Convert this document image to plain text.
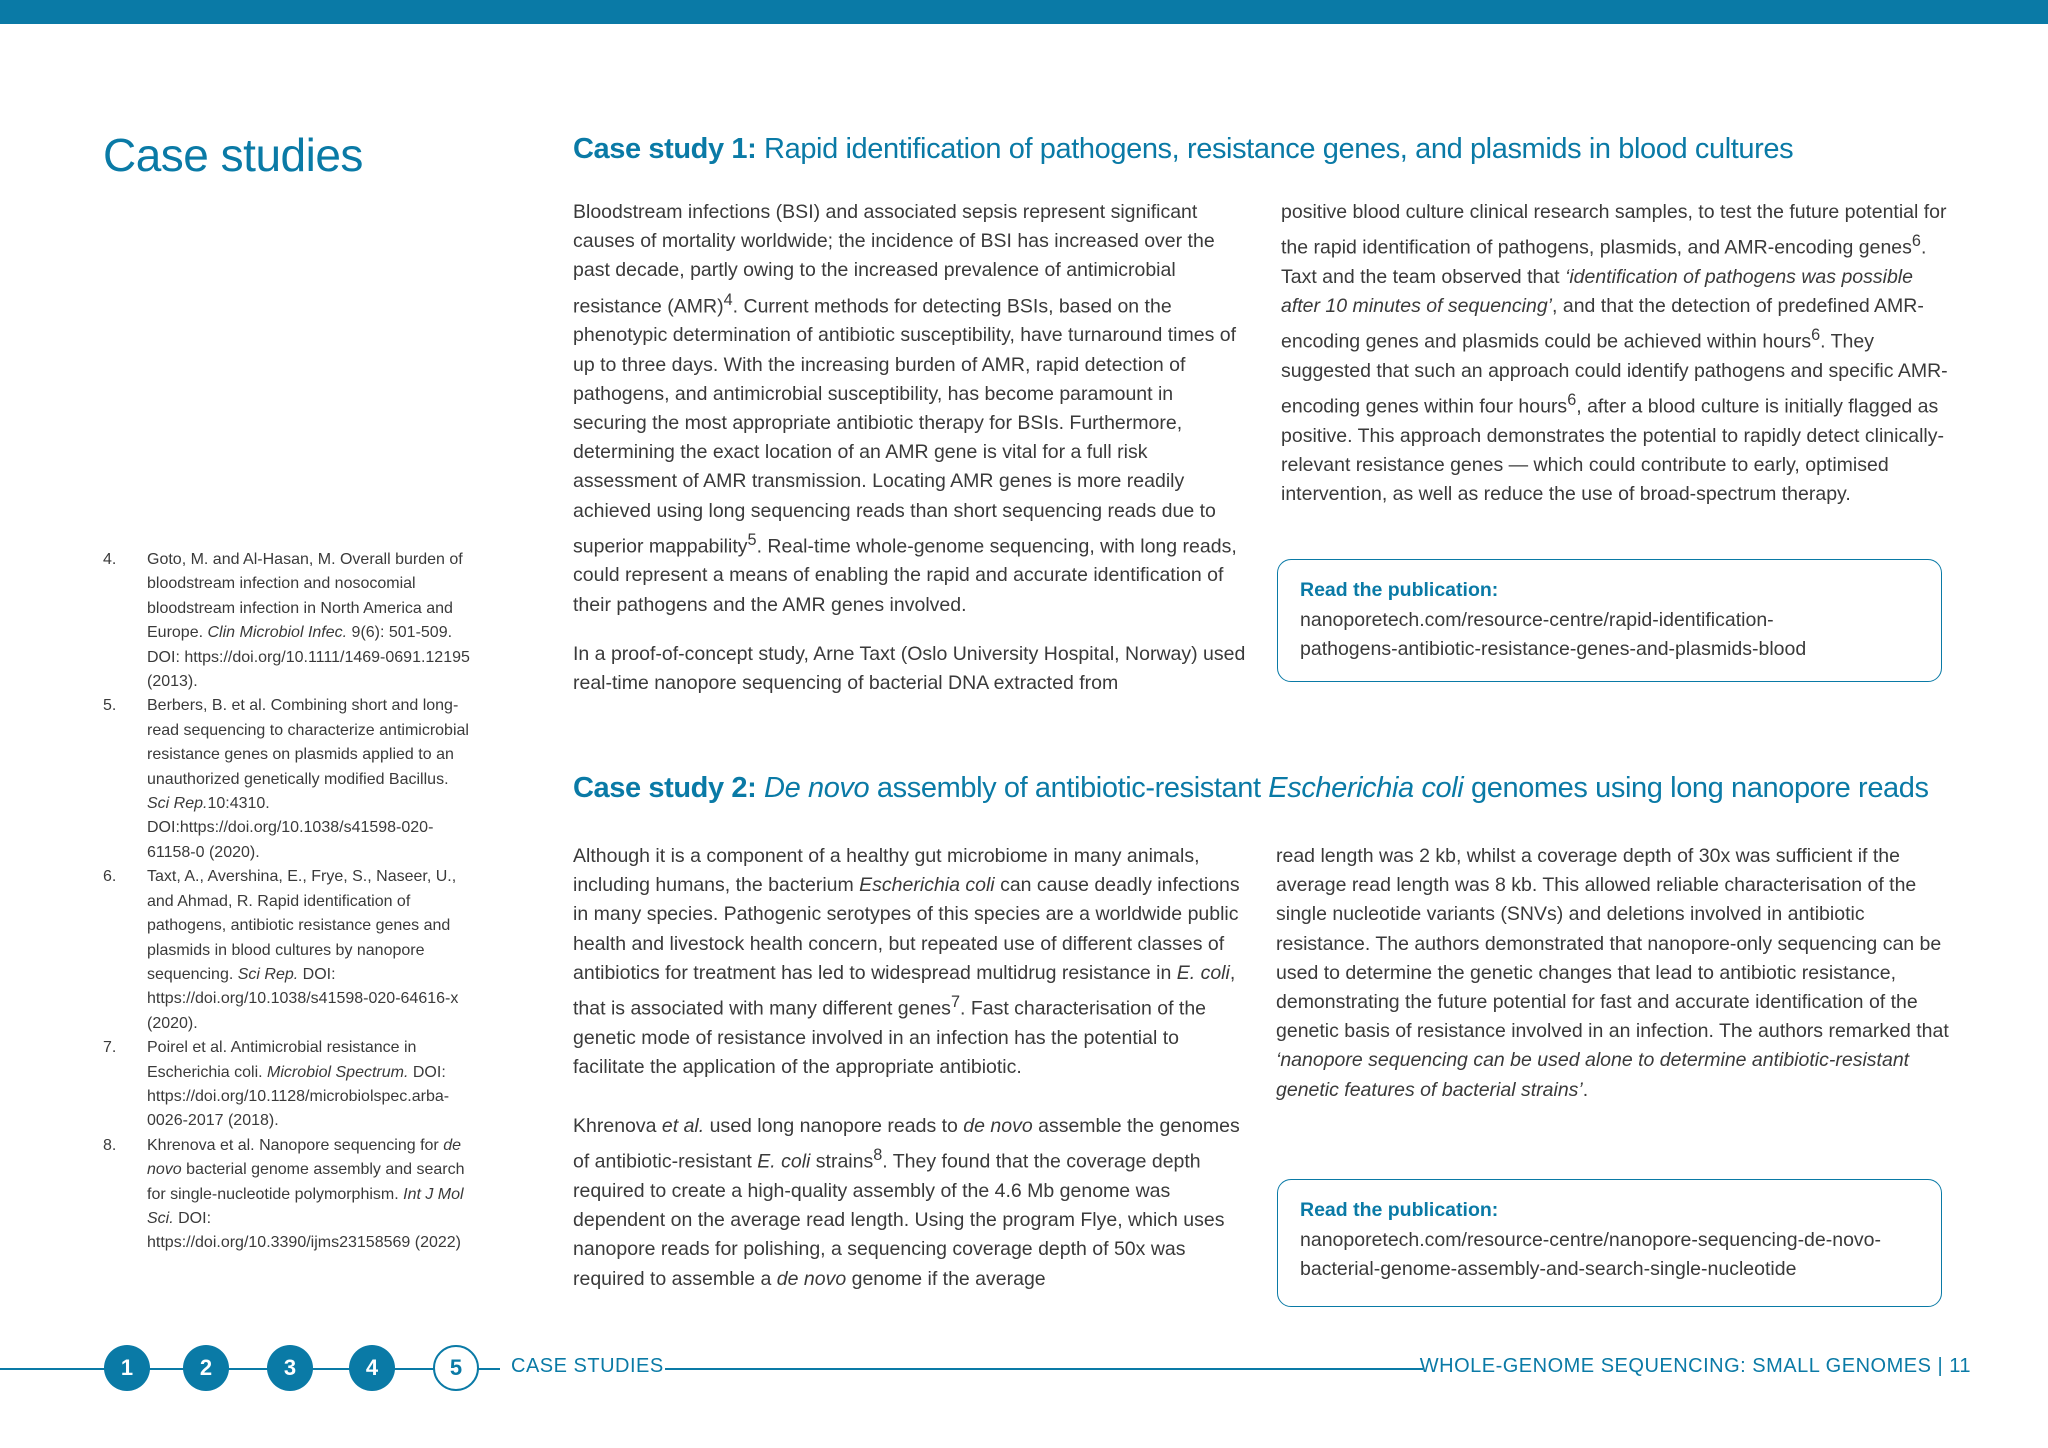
Case studies	Case study 1: Rapid identification of pathogens, resistance genes, and plasmids in blood cultures

Bloodstream infections (BSI) and associated sepsis represent significant causes of mortality worldwide; the incidence of BSI has increased over the past decade, partly owing to the increased prevalence of antimicrobial resistance (AMR)$^4$. Current methods for detecting BSIs, based on the phenotypic determination of antibiotic susceptibility, have turnaround times of up to three days. With the increasing burden of AMR, rapid detection of pathogens, and antimicrobial susceptibility, has become paramount in securing the most appropriate antibiotic therapy for BSIs. Furthermore, determining the exact location of an AMR gene is vital for a full risk assessment of AMR transmission. Locating AMR genes is more readily achieved using long sequencing reads than short sequencing reads due to superior mappability$^5$. Real-time whole-genome sequencing, with long reads, could represent a means of enabling the rapid and accurate identification of their pathogens and the AMR genes involved.

In a proof-of-concept study, Arne Taxt (Oslo University Hospital, Norway) used real-time nanopore sequencing of bacterial DNA extracted from

positive blood culture clinical research samples, to test the future potential for the rapid identification of pathogens, plasmids, and AMR-encoding genes$^6$. Taxt and the team observed that ‘identification of pathogens was possible after 10 minutes of sequencing’, and that the detection of predefined AMR-encoding genes and plasmids could be achieved within hours$^6$. They suggested that such an approach could identify pathogens and specific AMR-encoding genes within four hours$^6$, after a blood culture is initially flagged as positive. This approach demonstrates the potential to rapidly detect clinically-relevant resistance genes — which could contribute to early, optimised intervention, as well as reduce the use of broad-spectrum therapy.

Read the publication:
nanoporetech.com/resource-centre/rapid-identification-
pathogens-antibiotic-resistance-genes-and-plasmids-blood
Case study 2: De novo assembly of antibiotic-resistant Escherichia coli genomes using long nanopore reads

Although it is a component of a healthy gut microbiome in many animals, including humans, the bacterium Escherichia coli can cause deadly infections in many species. Pathogenic serotypes of this species are a worldwide public health and livestock health concern, but repeated use of different classes of antibiotics for treatment has led to widespread multidrug resistance in E. coli, that is associated with many different genes$^7$. Fast characterisation of the genetic mode of resistance involved in an infection has the potential to facilitate the application of the appropriate antibiotic.

Khrenova et al. used long nanopore reads to de novo assemble the genomes of antibiotic-resistant E. coli strains$^8$. They found that the coverage depth required to create a high-quality assembly of the 4.6 Mb genome was dependent on the average read length. Using the program Flye, which uses nanopore reads for polishing, a sequencing coverage depth of 50x was required to assemble a de novo genome if the average

read length was 2 kb, whilst a coverage depth of 30x was sufficient if the average read length was 8 kb. This allowed reliable characterisation of the single nucleotide variants (SNVs) and deletions involved in antibiotic resistance. The authors demonstrated that nanopore-only sequencing can be used to determine the genetic changes that lead to antibiotic resistance, demonstrating the future potential for fast and accurate identification of the genetic basis of resistance involved in an infection. The authors remarked that ‘nanopore sequencing can be used alone to determine antibiotic-resistant genetic features of bacterial strains’.

Read the publication:
nanoporetech.com/resource-centre/nanopore-sequencing-de-novo-
bacterial-genome-assembly-and-search-single-nucleotide
4. Goto, M. and Al-Hasan, M. Overall burden of bloodstream infection and nosocomial bloodstream infection in North America and Europe. Clin Microbiol Infec. 9(6): 501-509. DOI: https://doi.org/10.1111/1469-0691.12195 (2013).
5. Berbers, B. et al. Combining short and long-read sequencing to characterize antimicrobial resistance genes on plasmids applied to an unauthorized genetically modified Bacillus. Sci Rep.10:4310. DOI:https://doi.org/10.1038/s41598-020-61158-0 (2020).
6. Taxt, A., Avershina, E., Frye, S., Naseer, U., and Ahmad, R. Rapid identification of pathogens, antibiotic resistance genes and plasmids in blood cultures by nanopore sequencing. Sci Rep. DOI: https://doi.org/10.1038/s41598-020-64616-x (2020).
7. Poirel et al. Antimicrobial resistance in Escherichia coli. Microbiol Spectrum. DOI: https://doi.org/10.1128/microbiolspec.arba-0026-2017 (2018).
8. Khrenova et al. Nanopore sequencing for de novo bacterial genome assembly and search for single-nucleotide polymorphism. Int J Mol Sci. DOI: https://doi.org/10.3390/ijms23158569 (2022)
1	2	3	4	5	CASE STUDIES	WHOLE-GENOME SEQUENCING: SMALL GENOMES | 11
